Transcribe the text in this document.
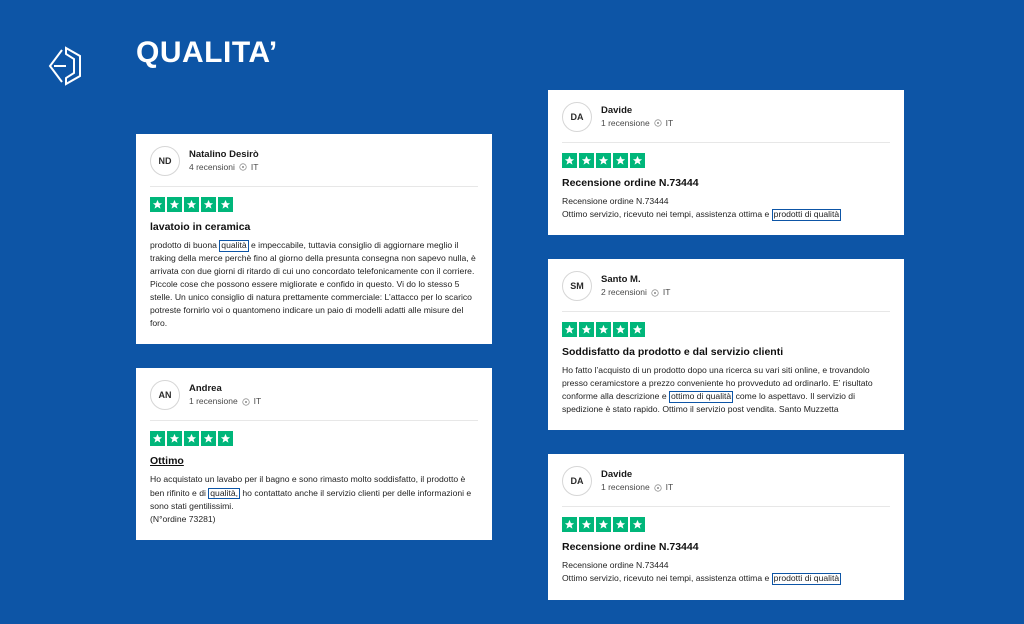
QUALITA’
ND
Natalino Desirò
4 recensioni IT
lavatoio in ceramica
prodotto di buona qualità e impeccabile, tuttavia consiglio di aggiornare meglio il traking della merce perchè fino al giorno della presunta consegna non sapevo nulla, è arrivata con due giorni di ritardo di cui uno concordato telefonicamente con il corriere. Piccole cose che possono essere migliorate e confido in questo. Vi do lo stesso 5 stelle. Un unico consiglio di natura prettamente commerciale: L’attacco per lo scarico potreste fornirlo voi o quantomeno indicare un paio di modelli adatti alle misure del foro.
AN
Andrea
1 recensione IT
Ottimo
Ho acquistato un lavabo per il bagno e sono rimasto molto soddisfatto, il prodotto è ben rifinito e di qualità, ho contattato anche il servizio clienti per delle informazioni e sono stati gentilissimi.
(N°ordine 73281)
DA
Davide
1 recensione IT
Recensione ordine N.73444
Recensione ordine N.73444
Ottimo servizio, ricevuto nei tempi, assistenza ottima e prodotti di qualità
SM
Santo M.
2 recensioni IT
Soddisfatto da prodotto e dal servizio clienti
Ho fatto l’acquisto di un prodotto dopo una ricerca su vari siti online, e trovandolo presso ceramicstore a prezzo conveniente ho provveduto ad ordinarlo. E’ risultato conforme alla descrizione e ottimo di qualità come lo aspettavo. Il servizio di spedizione è stato rapido. Ottimo il servizio post vendita. Santo Muzzetta
DA
Davide
1 recensione IT
Recensione ordine N.73444
Recensione ordine N.73444
Ottimo servizio, ricevuto nei tempi, assistenza ottima e prodotti di qualità
